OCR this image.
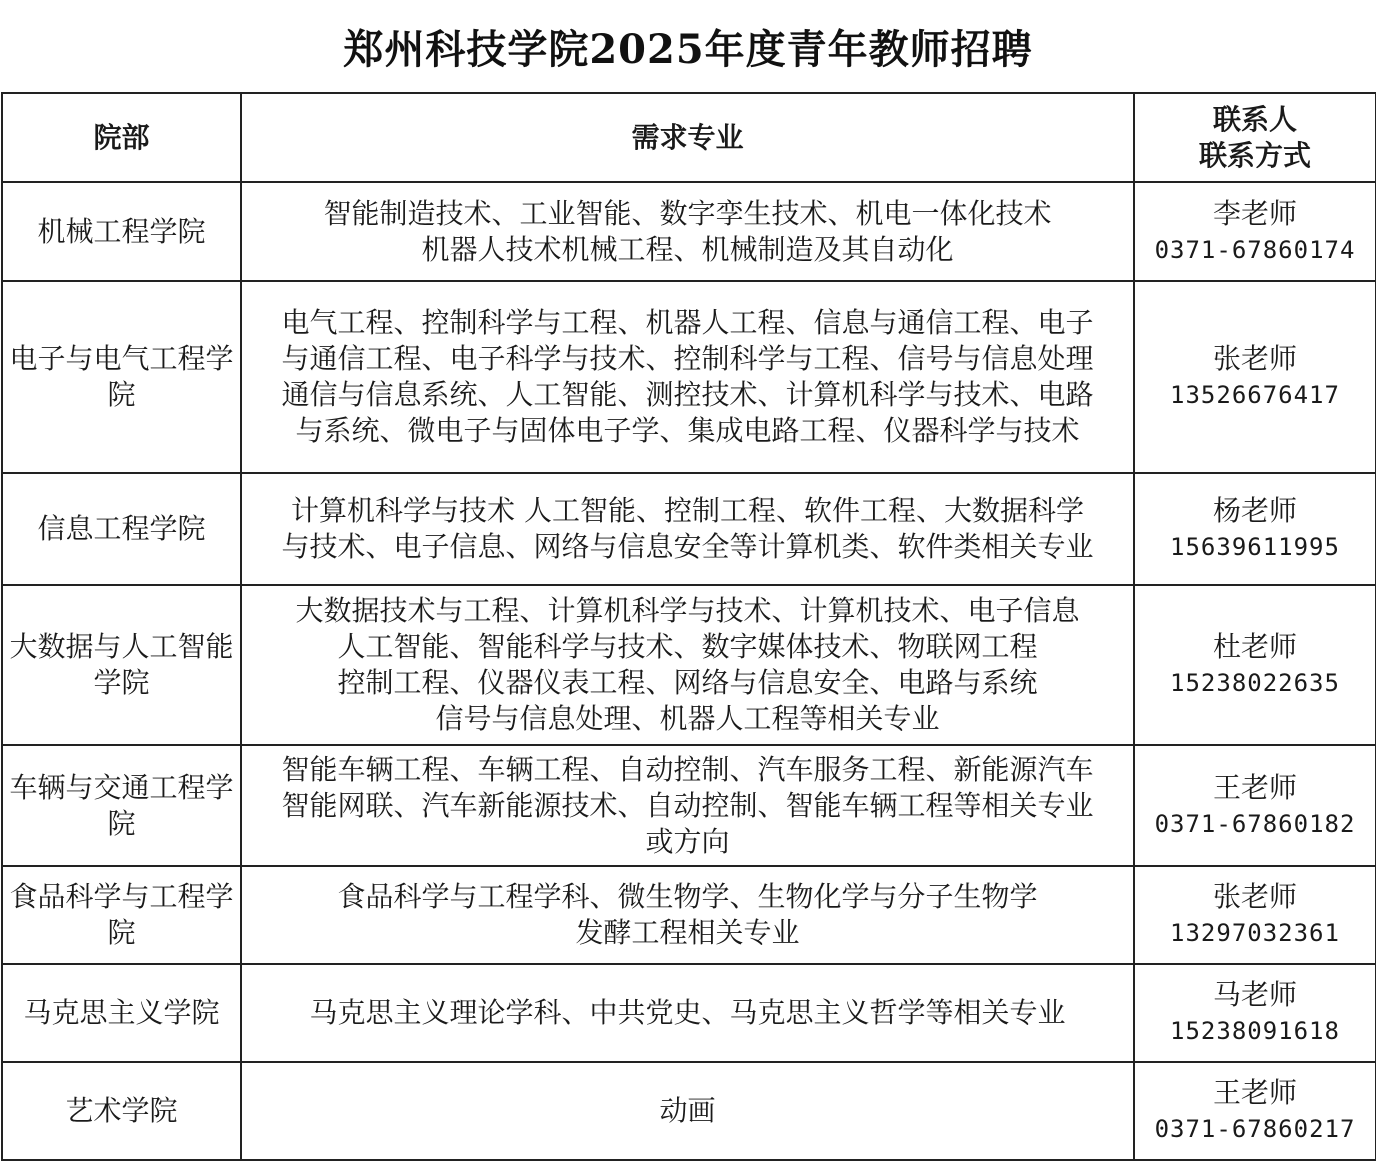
郑州科技学院2025年度青年教师招聘
院部	需求专业	联系人
联系方式

机械工程学院	智能制造技术、工业智能、数字孪生技术、机电一体化技术
机器人技术机械工程、机械制造及其自动化	李老师
0371-67860174

电子与电气工程学院	电气工程、控制科学与工程、机器人工程、信息与通信工程、电子
与通信工程、电子科学与技术、控制科学与工程、信号与信息处理
通信与信息系统、人工智能、测控技术、计算机科学与技术、电路
与系统、微电子与固体电子学、集成电路工程、仪器科学与技术	张老师
13526676417

信息工程学院	计算机科学与技术 人工智能、控制工程、软件工程、大数据科学
与技术、电子信息、网络与信息安全等计算机类、软件类相关专业	杨老师
15639611995

大数据与人工智能学院	大数据技术与工程、计算机科学与技术、计算机技术、电子信息
人工智能、智能科学与技术、数字媒体技术、物联网工程
控制工程、仪器仪表工程、网络与信息安全、电路与系统
信号与信息处理、机器人工程等相关专业	杜老师
15238022635

车辆与交通工程学院	智能车辆工程、车辆工程、自动控制、汽车服务工程、新能源汽车
智能网联、汽车新能源技术、自动控制、智能车辆工程等相关专业
或方向	王老师
0371-67860182

食品科学与工程学院	食品科学与工程学科、微生物学、生物化学与分子生物学
发酵工程相关专业	张老师
13297032361

马克思主义学院	马克思主义理论学科、中共党史、马克思主义哲学等相关专业	马老师
15238091618

艺术学院	动画	王老师
0371-67860217
